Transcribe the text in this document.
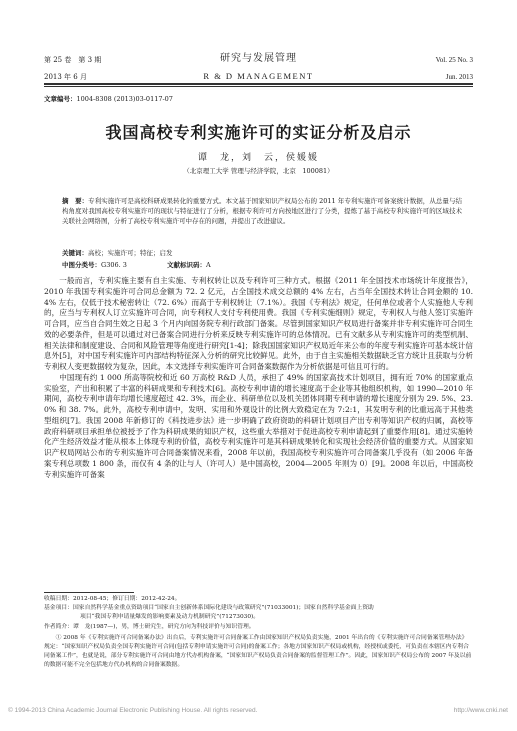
第 25 卷　第 3 期	研究与发展管理	Vol. 25 No. 3
2013 年 6 月	R & D MANAGEMENT	Jun. 2013
文章编号：1004-8308 (2013)03-0117-07
我国高校专利实施许可的实证分析及启示
谭　龙，刘　云，侯媛媛
（北京理工大学 管理与经济学院，北京　100081）
摘　要：专利实施许可是高校科研成果转化的重要方式。本文基于国家知识产权局公布的 2011 年专利实施许可备案统计数据，从总量与结构角度对我国高校专利实施许可的现状与特征进行了分析，根据专利许可方向按地区进行了分类，提炼了基于高校专利实施许可的区域技术关联社会网络图，分析了高校专利实施许可中存在的问题，并提出了改进建议。
关键词：高校；实施许可；特征；启发
中图分类号：G306. 3	文献标识码：A

一般而言，专利实施主要有自主实施、专利权转让以及专利许可三种方式。根据《2011 年全国技术市场统计年度报告》，2010 年我国专利实施许可合同总金额为 72. 2 亿元，占全国技术成交总额的 4% 左右，占当年全国技术转让合同金额的 10. 4% 左右，仅低于技术秘密转让（72. 6%）而高于专利权转让（7.1%）。我国《专利法》规定，任何单位或者个人实施他人专利的，应当与专利权人订立实施许可合同，向专利权人支付专利使用费。我国《专利实施细则》规定，专利权人与他人签订实施许可合同，应当自合同生效之日起 3 个月内向国务院专利行政部门备案。尽管到国家知识产权局进行备案并非专利实施许可合同生效的必要条件，但是可以通过对已备案合同进行分析来反映专利实施许可的总体情况。已有文献多从专利实施许可的类型机制、相关法律和制度建设、合同和风险管理等角度进行研究[1-4]；除我国国家知识产权局近年来公布的年度专利实施许可基本统计信息外[5]，对中国专利实施许可内部结构特征深入分析的研究比较鲜见。此外，由于自主实施相关数据缺乏官方统计且获取与分析专利权人变更数据较为复杂，因此，本文选择专利实施许可合同备案数据作为分析依据是可信且可行的。

中国现有约 1 000 所高等院校和近 60 万高校 R&D 人员，承担了 49% 的国家高技术计划项目，拥有近 70% 的国家重点实验室，产出和积累了丰富的科研成果和专利技术[6]。高校专利申请的增长速度高于企业等其他组织机构，如 1990—2010 年期间，高校专利申请年均增长速度超过 42. 3%，而企业、科研单位以及机关团体同期专利申请的增长速度分别为 29. 5%、23. 0% 和 38. 7%。此外，高校专利申请中，发明、实用和外观设计的比例大致稳定在为 7:2:1，其发明专利的比重远高于其他类型组织[7]。我国 2008 年新修订的《科技进步法》进一步明确了政府资助的科研计划项目产出专利等知识产权的归属，高校等政府科研项目承担单位被授予了作为科研成果的知识产权，这些重大举措对于促进高校专利申请起到了重要作用[8]。通过实施转化产生经济效益才能从根本上体现专利的价值，高校专利实施许可是其科研成果转化和实现社会经济价值的重要方式。从国家知识产权局网站公布的专利实施许可合同备案情况来看，2008 年以前，我国高校专利实施许可合同备案几乎没有（如 2006 年备案专利总项数 1 800 条，而仅有 4 条的让与人（许可人）是中国高校，2004—2005 年则为 0）[9]。2008 年以后，中国高校专利实施许可备案

收稿日期：2012-08-45；修订日期：2012-42-24。

基金项目：国家自然科学基金重点资助项目“国家自主创新体系国际化建设与政策研究”(71033001)；国家自然科学基金面上资助

项目“我国专利申请量爆发的影响要素及动力机制研究”(71273030)。

作者简介：谭　龙(1987—)，男，博士研究生，研究方向为科技评价与知识管理。

① 2008 年《专利实施许可合同备案办法》出台后，专利实施许可合同备案工作由国家知识产权局负责实施，2001 年出台的《专利实施许可合同备案管理办法》规定：“国家知识产权局负责全国专利实施许可合同(包括专利申请实施许可合同)的备案工作；各地方国家知识产权局或机构，经授权或委托，可负责在本辖区内专利合同备案工作”，也就是说，部分专利实施许可合同由地方代办机构备案，“国家知识产权局负责合同备案的监督管理工作”。因此，国家知识产权局公布的 2007 年及以前的数据可能不完全包括地方代办机构的合同备案数据。

© 1994-2013 China Academic Journal Electronic Publishing House. All rights reserved.	http://www.cnki.net
